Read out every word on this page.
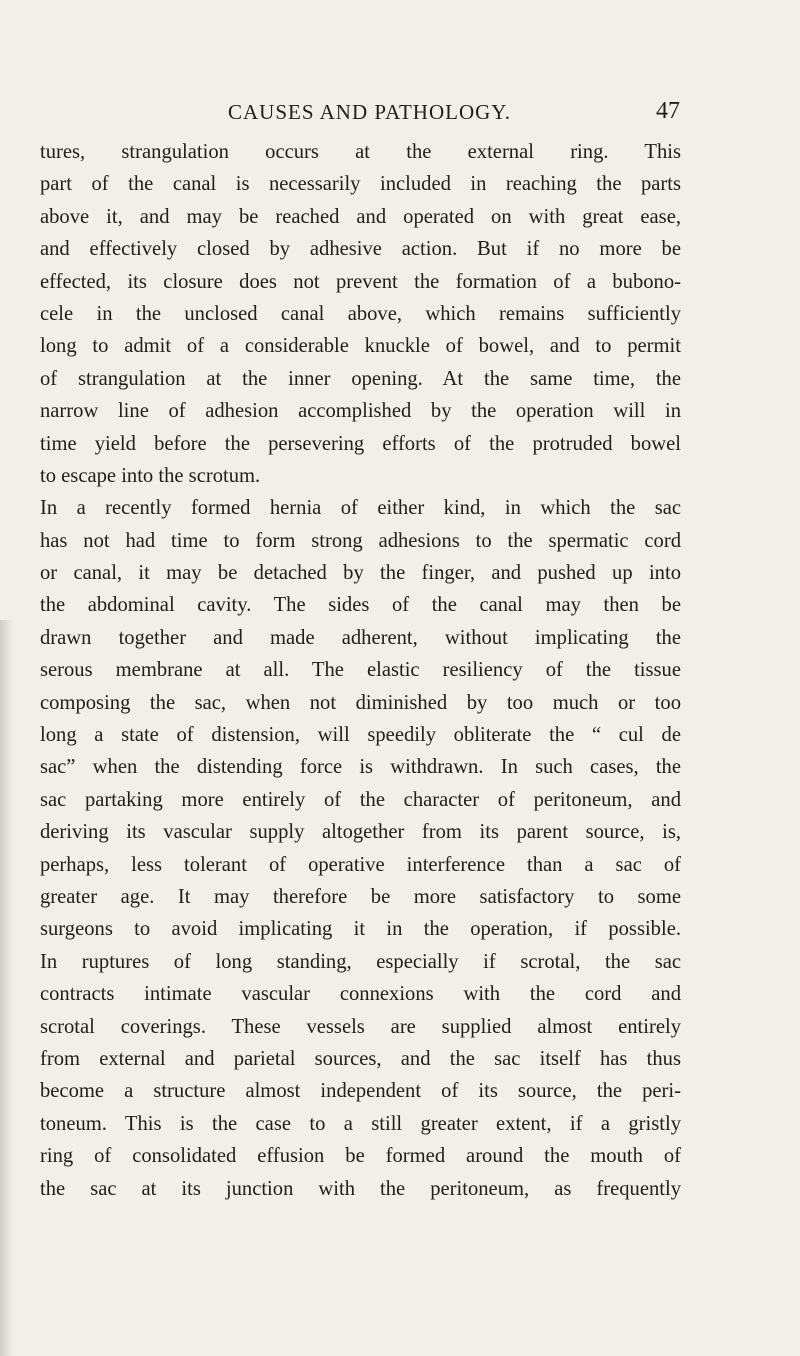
CAUSES AND PATHOLOGY.	47
tures, strangulation occurs at the external ring. This
part of the canal is necessarily included in reaching the parts
above it, and may be reached and operated on with great ease,
and effectively closed by adhesive action. But if no more be
effected, its closure does not prevent the formation of a bubono-
cele in the unclosed canal above, which remains sufficiently
long to admit of a considerable knuckle of bowel, and to permit
of strangulation at the inner opening. At the same time, the
narrow line of adhesion accomplished by the operation will in
time yield before the persevering efforts of the protruded bowel
to escape into the scrotum.
In a recently formed hernia of either kind, in which the sac
has not had time to form strong adhesions to the spermatic cord
or canal, it may be detached by the finger, and pushed up into
the abdominal cavity. The sides of the canal may then be
drawn together and made adherent, without implicating the
serous membrane at all. The elastic resiliency of the tissue
composing the sac, when not diminished by too much or too
long a state of distension, will speedily obliterate the “ cul de
sac” when the distending force is withdrawn. In such cases, the
sac partaking more entirely of the character of peritoneum, and
deriving its vascular supply altogether from its parent source, is,
perhaps, less tolerant of operative interference than a sac of
greater age. It may therefore be more satisfactory to some
surgeons to avoid implicating it in the operation, if possible.
In ruptures of long standing, especially if scrotal, the sac
contracts intimate vascular connexions with the cord and
scrotal coverings. These vessels are supplied almost entirely
from external and parietal sources, and the sac itself has thus
become a structure almost independent of its source, the peri-
toneum. This is the case to a still greater extent, if a gristly
ring of consolidated effusion be formed around the mouth of
the sac at its junction with the peritoneum, as frequently
